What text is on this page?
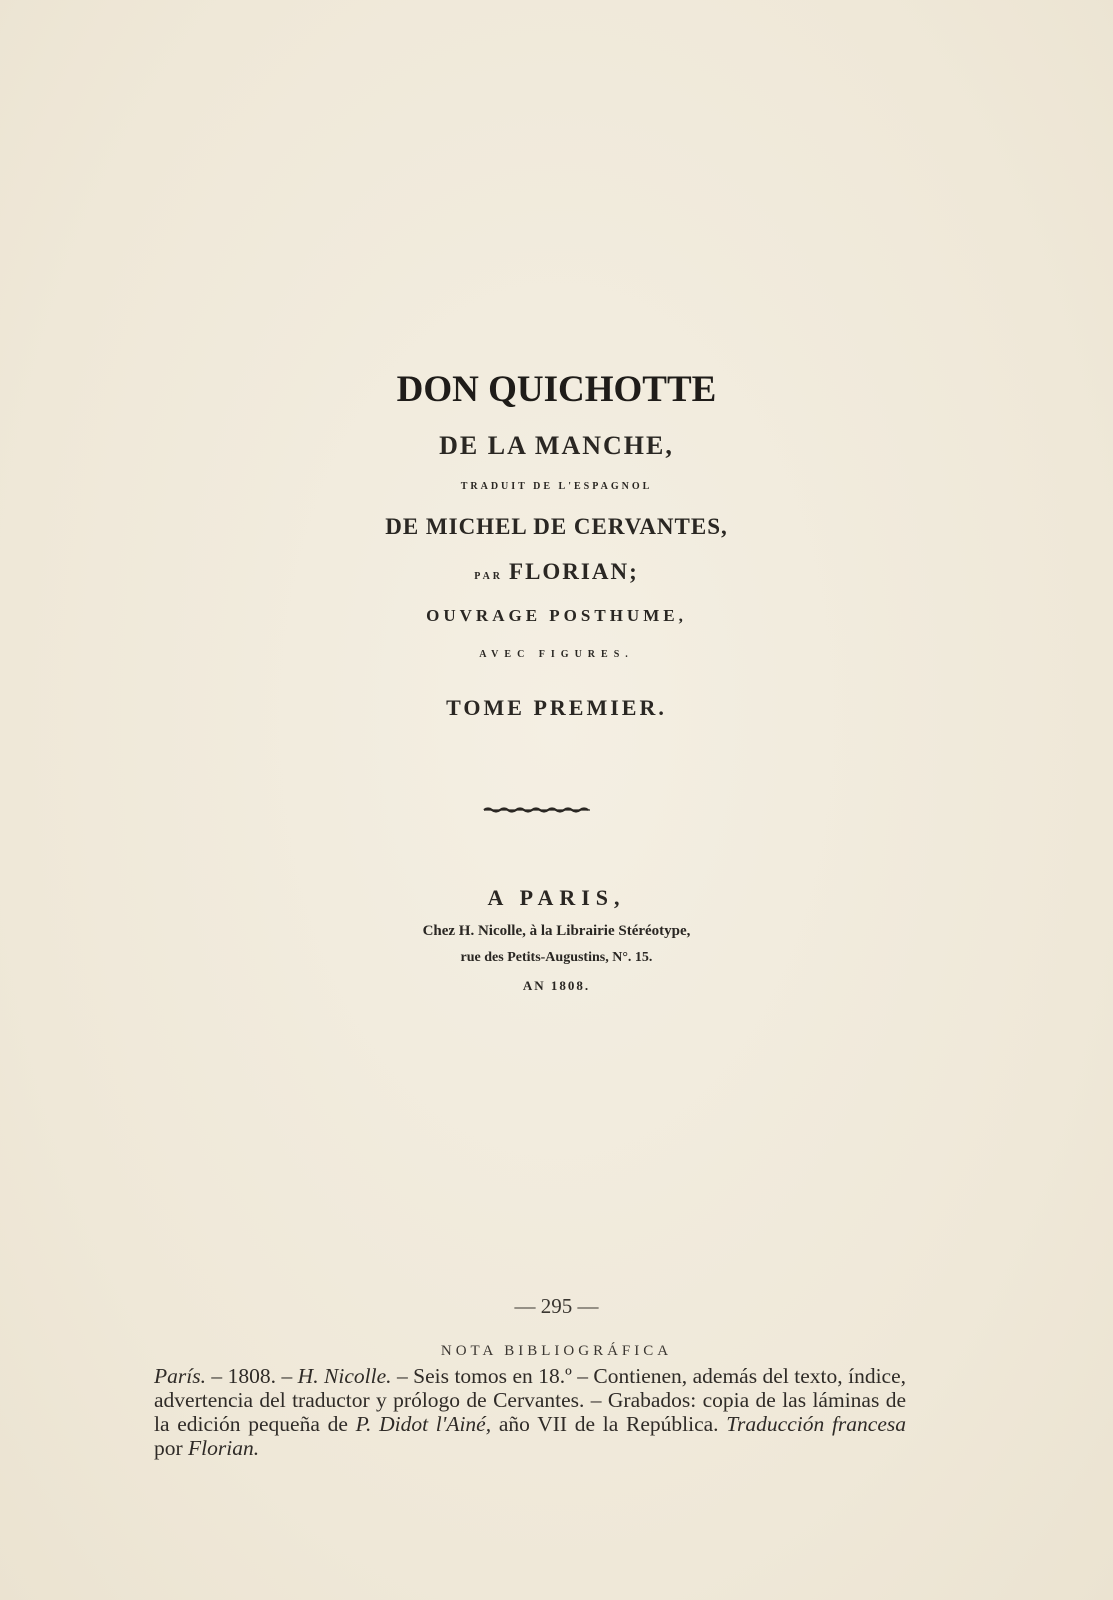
DON QUICHOTTE
DE LA MANCHE,
TRADUIT DE L'ESPAGNOL
DE MICHEL DE CERVANTES,
PAR FLORIAN;
OUVRAGE POSTHUME,
AVEC FIGURES.
TOME PREMIER.
A PARIS,
Chez H. Nicolle, à la Librairie Stéréotype,
rue des Petits-Augustins, N°. 15.
AN 1808.
— 295 —
NOTA BIBLIOGRÁFICA

París. – 1808. – H. Nicolle. – Seis tomos en 18.º – Contienen, además del texto, índice, advertencia del traductor y prólogo de Cervantes. – Grabados: copia de las láminas de la edición pequeña de P. Didot l'Ainé, año VII de la República. Traducción francesa por Florian.
